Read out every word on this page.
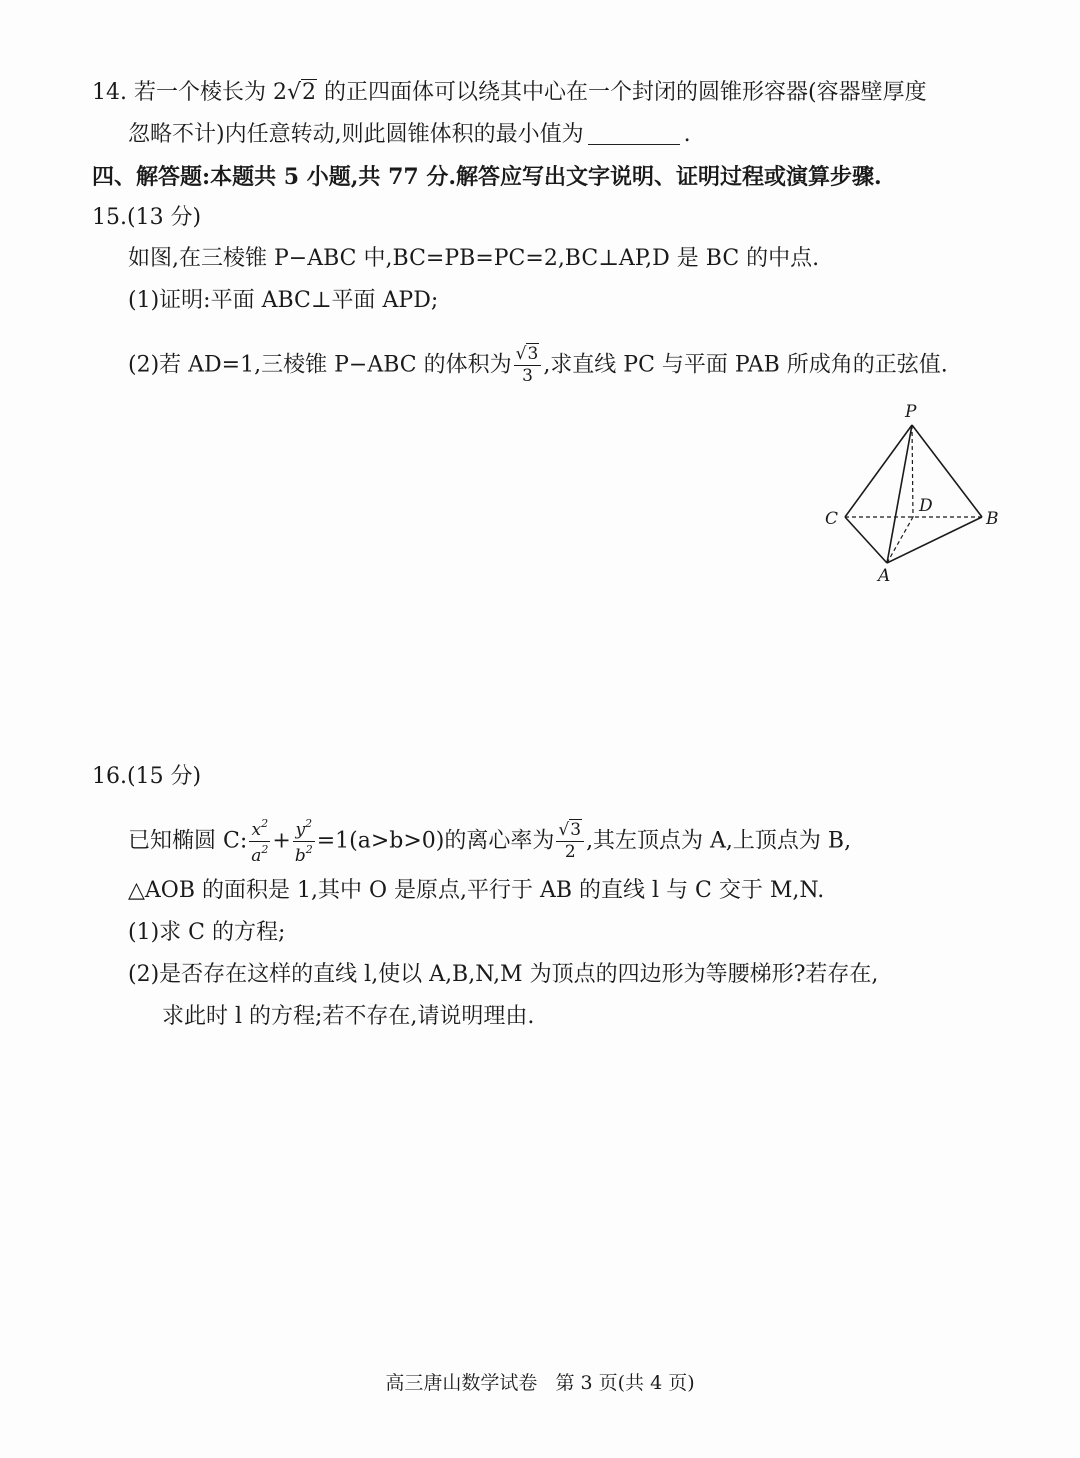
14. 若一个棱长为 2√2 的正四面体可以绕其中心在一个封闭的圆锥形容器(容器壁厚度
忽略不计)内任意转动,则此圆锥体积的最小值为	.
四、解答题:本题共 5 小题,共 77 分.解答应写出文字说明、证明过程或演算步骤.
15.(13 分)
如图,在三棱锥 P−ABC 中,BC=PB=PC=2,BC⊥AP,D 是 BC 的中点.
(1)证明:平面 ABC⊥平面 APD;
(2)若 AD=1,三棱锥 P−ABC 的体积为 $\frac{√3}{3}$ ,求直线 PC 与平面 PAB 所成角的正弦值.
P
C
D
B
A
16.(15 分)
已知椭圆 C: $\frac{x^2}{a^2} + \frac{y^2}{b^2} =1(a>b>0)$的离心率为 $\frac{√3}{2}$ ,其左顶点为 A,上顶点为 B,
△AOB 的面积是 1,其中 O 是原点,平行于 AB 的直线 l 与 C 交于 M,N.
(1)求 C 的方程;
(2)是否存在这样的直线 l,使以 A,B,N,M 为顶点的四边形为等腰梯形?若存在,
求此时 l 的方程;若不存在,请说明理由.
高三唐山数学试卷   第 3 页(共 4 页)
